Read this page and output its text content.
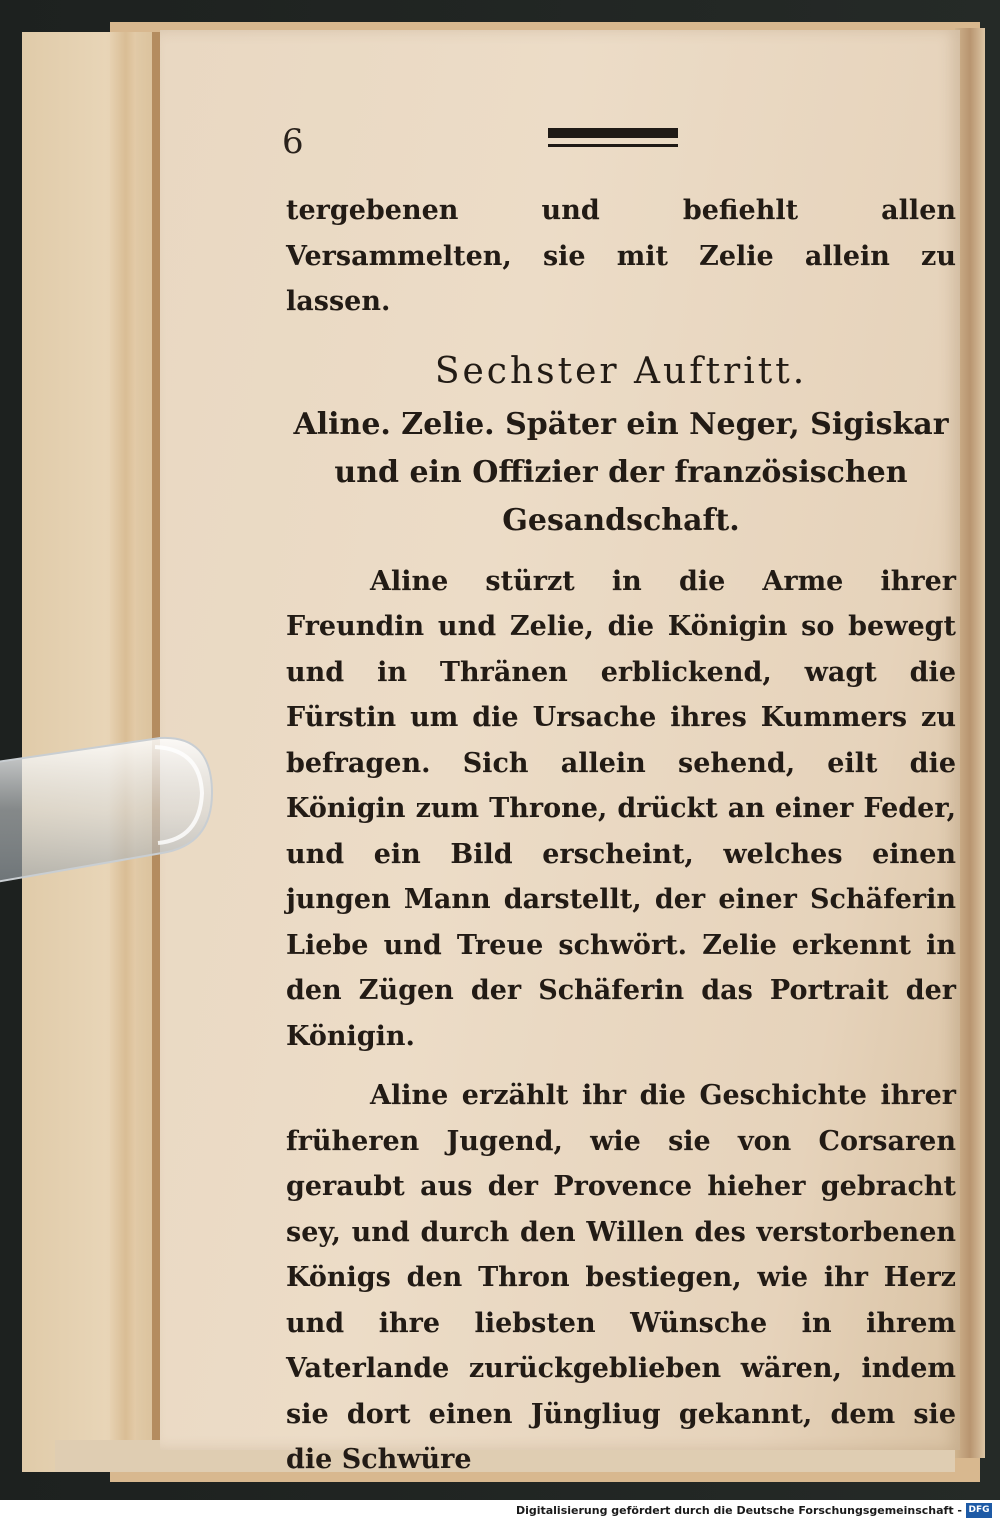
6
tergebenen und befiehlt allen Versammelten, sie mit Zelie allein zu lassen.
Sechster Auftritt.
Aline. Zelie. Später ein Neger, Sigiskar und ein Offizier der französischen Gesandschaft.

Aline stürzt in die Arme ihrer Freundin und Zelie, die Königin so bewegt und in Thränen erblickend, wagt die Fürstin um die Ursache ihres Kummers zu befragen. Sich allein sehend, eilt die Königin zum Throne, drückt an einer Feder, und ein Bild erscheint, welches einen jungen Mann darstellt, der einer Schäferin Liebe und Treue schwört. Zelie erkennt in den Zügen der Schäferin das Portrait der Königin.

Aline erzählt ihr die Geschichte ihrer früheren Jugend, wie sie von Corsaren geraubt aus der Provence hieher gebracht sey, und durch den Willen des verstorbenen Königs den Thron bestiegen, wie ihr Herz und ihre liebsten Wünsche in ihrem Vaterlande zurückgeblieben wären, indem sie dort einen Jüngliug gekannt, dem sie die Schwüre

Digitalisierung gefördert durch die Deutsche Forschungsgemeinschaft - DFG
